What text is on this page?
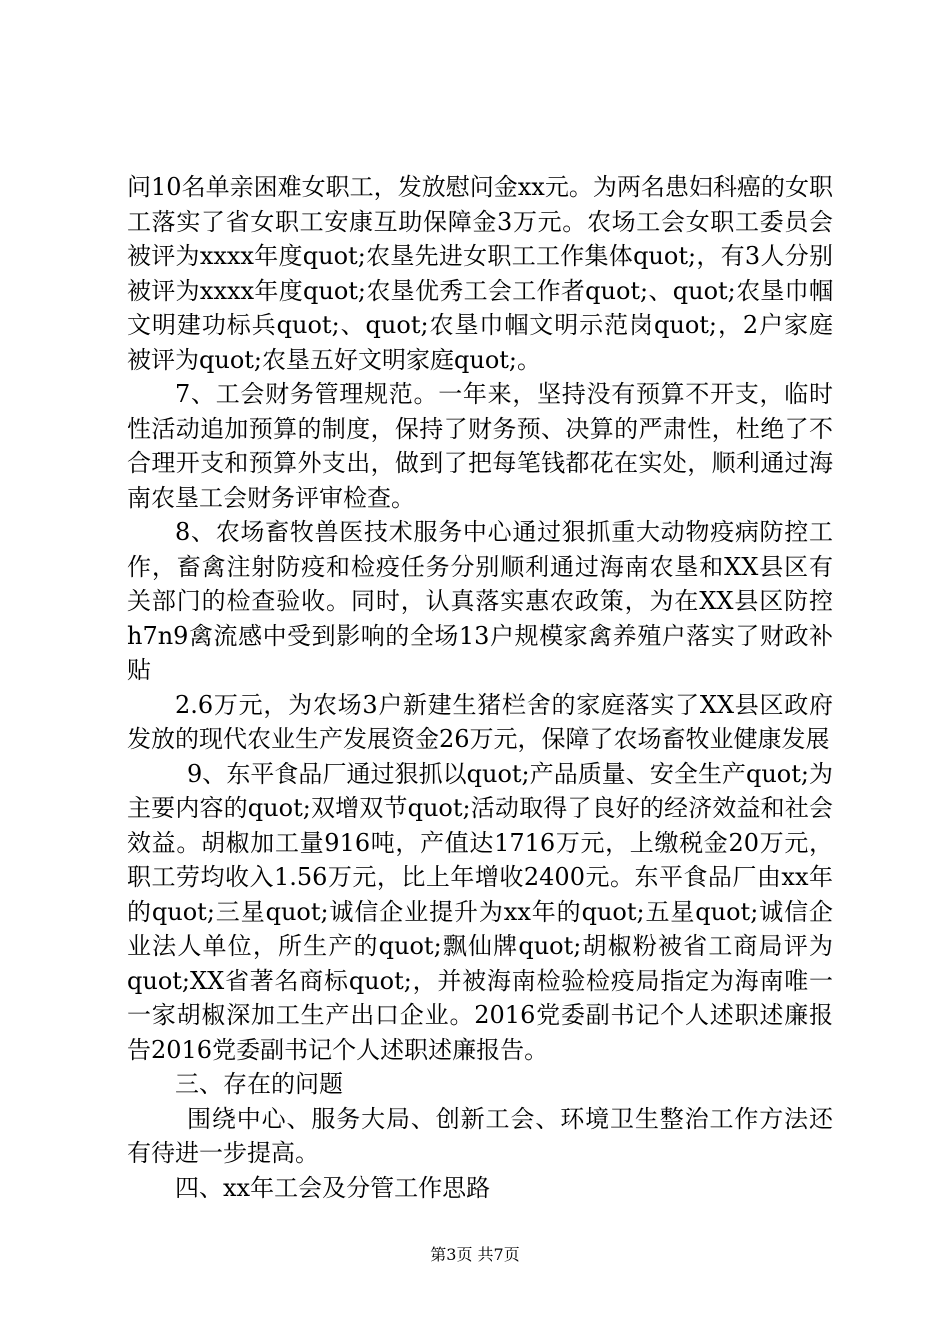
问10名单亲困难女职工，发放慰问金xx元。为两名患妇科癌的女职工落实了省女职工安康互助保障金3万元。农场工会女职工委员会被评为xxxx年度quot;农垦先进女职工工作集体quot;，有3人分别被评为xxxx年度quot;农垦优秀工会工作者quot;、quot;农垦巾帼文明建功标兵quot;、quot;农垦巾帼文明示范岗quot;，2户家庭被评为quot;农垦五好文明家庭quot;。

7、工会财务管理规范。一年来，坚持没有预算不开支，临时性活动追加预算的制度，保持了财务预、决算的严肃性，杜绝了不合理开支和预算外支出，做到了把每笔钱都花在实处，顺利通过海南农垦工会财务评审检查。

8、农场畜牧兽医技术服务中心通过狠抓重大动物疫病防控工作，畜禽注射防疫和检疫任务分别顺利通过海南农垦和XX县区有关部门的检查验收。同时，认真落实惠农政策，为在XX县区防控h7n9禽流感中受到影响的全场13户规模家禽养殖户落实了财政补贴

2.6万元，为农场3户新建生猪栏舍的家庭落实了XX县区政府发放的现代农业生产发展资金26万元，保障了农场畜牧业健康发展

9、东平食品厂通过狠抓以quot;产品质量、安全生产quot;为主要内容的quot;双增双节quot;活动取得了良好的经济效益和社会效益。胡椒加工量916吨，产值达1716万元，上缴税金20万元，职工劳均收入1.56万元，比上年增收2400元。东平食品厂由xx年的quot;三星quot;诚信企业提升为xx年的quot;五星quot;诚信企业法人单位，所生产的quot;飘仙牌quot;胡椒粉被省工商局评为quot;XX省著名商标quot;，并被海南检验检疫局指定为海南唯一一家胡椒深加工生产出口企业。2016党委副书记个人述职述廉报告2016党委副书记个人述职述廉报告。

三、存在的问题

围绕中心、服务大局、创新工会、环境卫生整治工作方法还有待进一步提高。

四、xx年工会及分管工作思路

第3页 共7页
